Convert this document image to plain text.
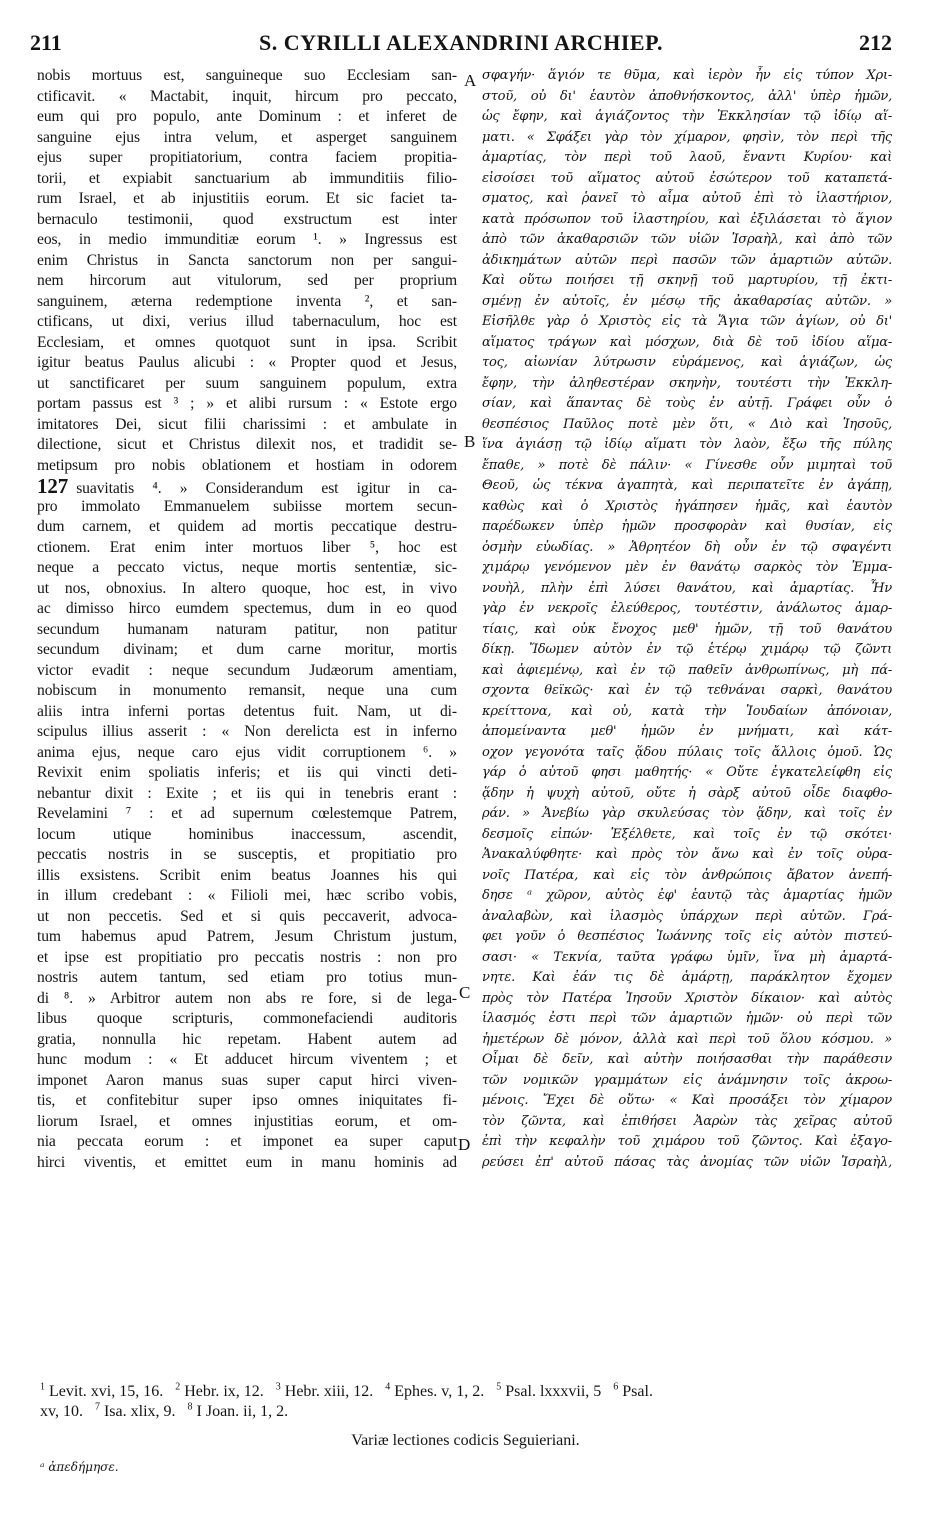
211	S. CYRILLI ALEXANDRINI ARCHIEP.	212
nobis mortuus est, sanguineque suo Ecclesiam san-
ctificavit. « Mactabit, inquit, hircum pro peccato,
eum qui pro populo, ante Dominum : et inferet de
sanguine ejus intra velum, et asperget sanguinem
ejus super propitiatorium, contra faciem propitia-
torii, et expiabit sanctuarium ab immunditiis filio-
rum Israel, et ab injustitiis eorum. Et sic faciet ta-
bernaculo testimonii, quod exstructum est inter
eos, in medio immunditiæ eorum ¹. » Ingressus est
enim Christus in Sancta sanctorum non per sangui-
nem hircorum aut vitulorum, sed per proprium
sanguinem, æterna redemptione inventa ², et san-
ctificans, ut dixi, verius illud tabernaculum, hoc est
Ecclesiam, et omnes quotquot sunt in ipsa. Scribit
igitur beatus Paulus alicubi : « Propter quod et Jesus,
ut sanctificaret per suum sanguinem populum, extra
portam passus est ³ ; » et alibi rursum : « Estote ergo
imitatores Dei, sicut filii charissimi : et ambulate in
dilectione, sicut et Christus dilexit nos, et tradidit se-
metipsum pro nobis oblationem et hostiam in odorem
127 suavitatis ⁴. » Considerandum est igitur in ca-
pro immolato Emmanuelem subiisse mortem secun-
dum carnem, et quidem ad mortis peccatique destru-
ctionem. Erat enim inter mortuos liber ⁵, hoc est
neque a peccato victus, neque mortis sententiæ, sic-
ut nos, obnoxius. In altero quoque, hoc est, in vivo
ac dimisso hirco eumdem spectemus, dum in eo quod
secundum humanam naturam patitur, non patitur
secundum divinam; et dum carne moritur, mortis
victor evadit : neque secundum Judæorum amentiam,
nobiscum in monumento remansit, neque una cum
aliis intra inferni portas detentus fuit. Nam, ut di-
scipulus illius asserit : « Non derelicta est in inferno
anima ejus, neque caro ejus vidit corruptionem ⁶. »
Revixit enim spoliatis inferis; et iis qui vincti deti-
nebantur dixit : Exite ; et iis qui in tenebris erant :
Revelamini ⁷ : et ad supernum cœlestemque Patrem,
locum utique hominibus inaccessum, ascendit,
peccatis nostris in se susceptis, et propitiatio pro
illis exsistens. Scribit enim beatus Joannes his qui
in illum credebant : « Filioli mei, hæc scribo vobis,
ut non peccetis. Sed et si quis peccaverit, advoca-
tum habemus apud Patrem, Jesum Christum justum,
et ipse est propitiatio pro peccatis nostris : non pro
nostris autem tantum, sed etiam pro totius mun-
di ⁸. » Arbitror autem non abs re fore, si de lega-
libus quoque scripturis, commonefaciendi auditoris
gratia, nonnulla hic repetam. Habent autem ad
hunc modum : « Et adducet hircum viventem ; et
imponet Aaron manus suas super caput hirci viven-
tis, et confitebitur super ipso omnes iniquitates fi-
liorum Israel, et omnes injustitias eorum, et om-
nia peccata eorum : et imponet ea super caput
hirci viventis, et emittet eum in manu hominis ad
σφαγήν· ἅγιόν τε θῦμα, καὶ ἱερὸν ἦν εἰς τύπον Χρι-
στοῦ, οὐ δι' ἑαυτὸν ἀποθνήσκοντος, ἀλλ' ὑπὲρ ἡμῶν,
ὡς ἔφην, καὶ ἁγιάζοντος τὴν Ἐκκλησίαν τῷ ἰδίῳ αἵ-
ματι. « Σφάξει γὰρ τὸν χίμαρον, φησὶν, τὸν περὶ τῆς
ἁμαρτίας, τὸν περὶ τοῦ λαοῦ, ἔναντι Κυρίου· καὶ
εἰσοίσει τοῦ αἵματος αὐτοῦ ἐσώτερον τοῦ καταπετά-
σματος, καὶ ῥανεῖ τὸ αἷμα αὐτοῦ ἐπὶ τὸ ἱλαστήριον,
κατὰ πρόσωπον τοῦ ἱλαστηρίου, καὶ ἐξιλάσεται τὸ ἅγιον
ἀπὸ τῶν ἀκαθαρσιῶν τῶν υἱῶν Ἰσραὴλ, καὶ ἀπὸ τῶν
ἀδικημάτων αὐτῶν περὶ πασῶν τῶν ἁμαρτιῶν αὐτῶν.
Καὶ οὕτω ποιήσει τῇ σκηνῇ τοῦ μαρτυρίου, τῇ ἐκτι-
σμένῃ ἐν αὐτοῖς, ἐν μέσῳ τῆς ἀκαθαρσίας αὐτῶν. »
Εἰσῆλθε γὰρ ὁ Χριστὸς εἰς τὰ Ἅγια τῶν ἁγίων, οὐ δι'
αἵματος τράγων καὶ μόσχων, διὰ δὲ τοῦ ἰδίου αἵμα-
τος, αἰωνίαν λύτρωσιν εὑράμενος, καὶ ἁγιάζων, ὡς
ἔφην, τὴν ἀληθεστέραν σκηνὴν, τουτέστι τὴν Ἐκκλη-
σίαν, καὶ ἅπαντας δὲ τοὺς ἐν αὐτῇ. Γράφει οὖν ὁ
θεσπέσιος Παῦλος ποτὲ μὲν ὅτι, « Διὸ καὶ Ἰησοῦς,
ἵνα ἁγιάσῃ τῷ ἰδίῳ αἵματι τὸν λαὸν, ἔξω τῆς πύλης
ἔπαθε, » ποτὲ δὲ πάλιν· « Γίνεσθε οὖν μιμηταὶ τοῦ
Θεοῦ, ὡς τέκνα ἀγαπητὰ, καὶ περιπατεῖτε ἐν ἀγάπῃ,
καθὼς καὶ ὁ Χριστὸς ἠγάπησεν ἡμᾶς, καὶ ἑαυτὸν
παρέδωκεν ὑπὲρ ἡμῶν προσφορὰν καὶ θυσίαν, εἰς
ὀσμὴν εὐωδίας. » Ἀθρητέον δὴ οὖν ἐν τῷ σφαγέντι
χιμάρῳ γενόμενον μὲν ἐν θανάτῳ σαρκὸς τὸν Ἐμμα-
νουὴλ, πλὴν ἐπὶ λύσει θανάτου, καὶ ἁμαρτίας. Ἦν
γὰρ ἐν νεκροῖς ἐλεύθερος, τουτέστιν, ἀνάλωτος ἁμαρ-
τίαις, καὶ οὐκ ἔνοχος μεθ' ἡμῶν, τῇ τοῦ θανάτου
δίκῃ. Ἴδωμεν αὐτὸν ἐν τῷ ἑτέρῳ χιμάρῳ τῷ ζῶντι
καὶ ἀφιεμένῳ, καὶ ἐν τῷ παθεῖν ἀνθρωπίνως, μὴ πά-
σχοντα θεϊκῶς· καὶ ἐν τῷ τεθνάναι σαρκὶ, θανάτου
κρείττονα, καὶ οὐ, κατὰ τὴν Ἰουδαίων ἀπόνοιαν,
ἀπομείναντα μεθ' ἡμῶν ἐν μνήματι, καὶ κάτ-
οχον γεγονότα ταῖς ᾅδου πύλαις τοῖς ἄλλοις ὁμοῦ. Ὡς
γάρ ὁ αὐτοῦ φησι μαθητής· « Οὔτε ἐγκατελείφθη εἰς
ᾅδην ἡ ψυχὴ αὐτοῦ, οὔτε ἡ σὰρξ αὐτοῦ οἶδε διαφθο-
ράν. » Ἀνεβίω γὰρ σκυλεύσας τὸν ᾅδην, καὶ τοῖς ἐν
δεσμοῖς εἰπών· Ἐξέλθετε, καὶ τοῖς ἐν τῷ σκότει·
Ἀνακαλύφθητε· καὶ πρὸς τὸν ἄνω καὶ ἐν τοῖς οὐρα-
νοῖς Πατέρα, καὶ εἰς τὸν ἀνθρώποις ἄβατον ἀνεπή-
δησε ᵃ χῶρον, αὐτὸς ἐφ' ἑαυτῷ τὰς ἁμαρτίας ἡμῶν
ἀναλαβὼν, καὶ ἱλασμὸς ὑπάρχων περὶ αὐτῶν. Γρά-
φει γοῦν ὁ θεσπέσιος Ἰωάννης τοῖς εἰς αὐτὸν πιστεύ-
σασι· « Τεκνία, ταῦτα γράφω ὑμῖν, ἵνα μὴ ἁμαρτά-
νητε. Καὶ ἐάν τις δὲ ἁμάρτῃ, παράκλητον ἔχομεν
πρὸς τὸν Πατέρα Ἰησοῦν Χριστὸν δίκαιον· καὶ αὐτὸς
ἱλασμός ἐστι περὶ τῶν ἁμαρτιῶν ἡμῶν· οὐ περὶ τῶν
ἡμετέρων δὲ μόνον, ἀλλὰ καὶ περὶ τοῦ ὅλου κόσμου. »
Οἶμαι δὲ δεῖν, καὶ αὐτὴν ποιήσασθαι τὴν παράθεσιν
τῶν νομικῶν γραμμάτων εἰς ἀνάμνησιν τοῖς ἀκροω-
μένοις. Ἔχει δὲ οὕτω· « Καὶ προσάξει τὸν χίμαρον
τὸν ζῶντα, καὶ ἐπιθήσει Ἀαρὼν τὰς χεῖρας αὐτοῦ
ἐπὶ τὴν κεφαλὴν τοῦ χιμάρου τοῦ ζῶντος. Καὶ ἐξαγο-
ρεύσει ἐπ' αὐτοῦ πάσας τὰς ἀνομίας τῶν υἱῶν Ἰσραὴλ,
A
B
C
D
$^1$ Levit. xvi, 15, 16. $^2$ Hebr. ix, 12. $^3$ Hebr. xiii, 12. $^4$ Ephes. v, 1, 2. $^5$ Psal. lxxxvii, 5 $^6$ Psal.
xv, 10. $^7$ Isa. xlix, 9. $^8$ I Joan. ii, 1, 2.
Variæ lectiones codicis Seguieriani.
ᵃ ἀπεδήμησε.
